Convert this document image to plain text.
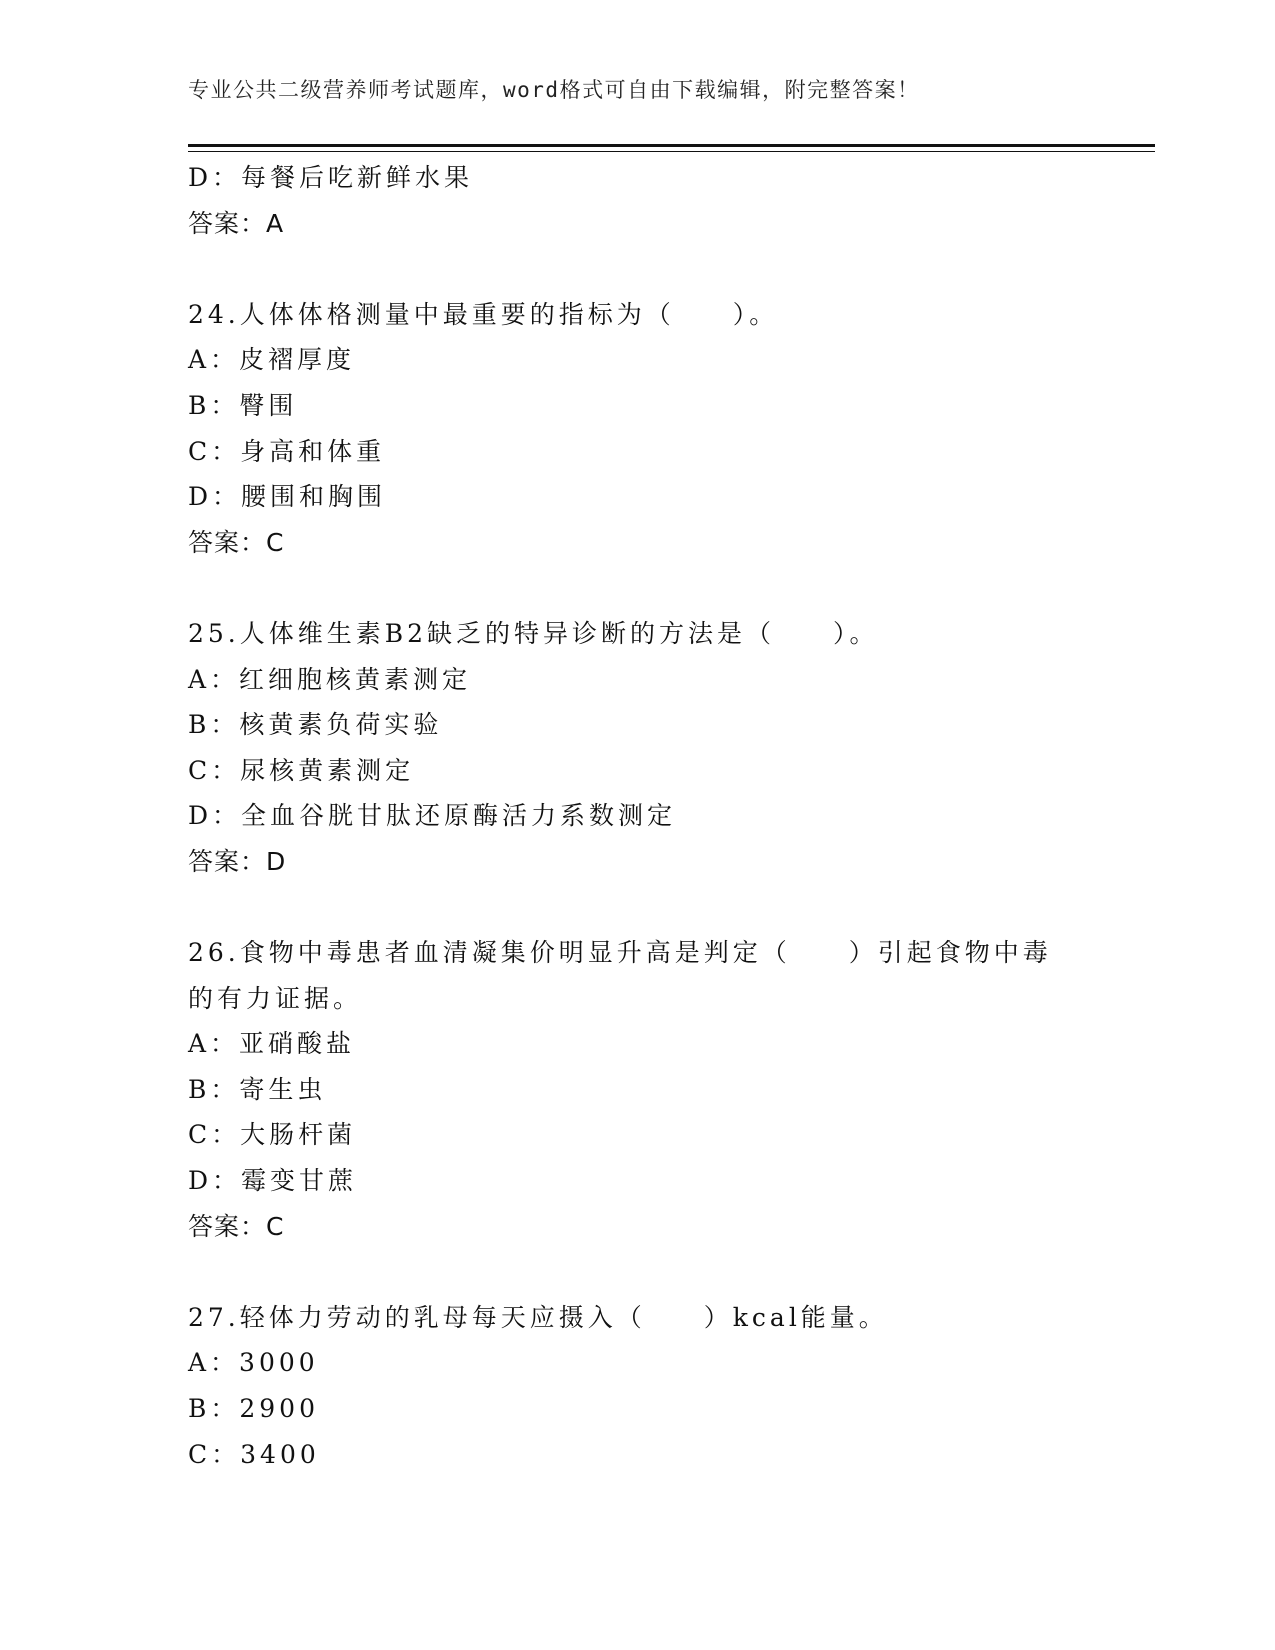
专业公共二级营养师考试题库，word格式可自由下载编辑，附完整答案！
D：每餐后吃新鲜水果
答案：A
24.人体体格测量中最重要的指标为（　　）。
A：皮褶厚度
B：臀围
C：身高和体重
D：腰围和胸围
答案：C
25.人体维生素B2缺乏的特异诊断的方法是（　　）。
A：红细胞核黄素测定
B：核黄素负荷实验
C：尿核黄素测定
D：全血谷胱甘肽还原酶活力系数测定
答案：D
26.食物中毒患者血清凝集价明显升高是判定（　　）引起食物中毒的有力证据。
A：亚硝酸盐
B：寄生虫
C：大肠杆菌
D：霉变甘蔗
答案：C
27.轻体力劳动的乳母每天应摄入（　　）kcal能量。
A：3000
B：2900
C：3400
